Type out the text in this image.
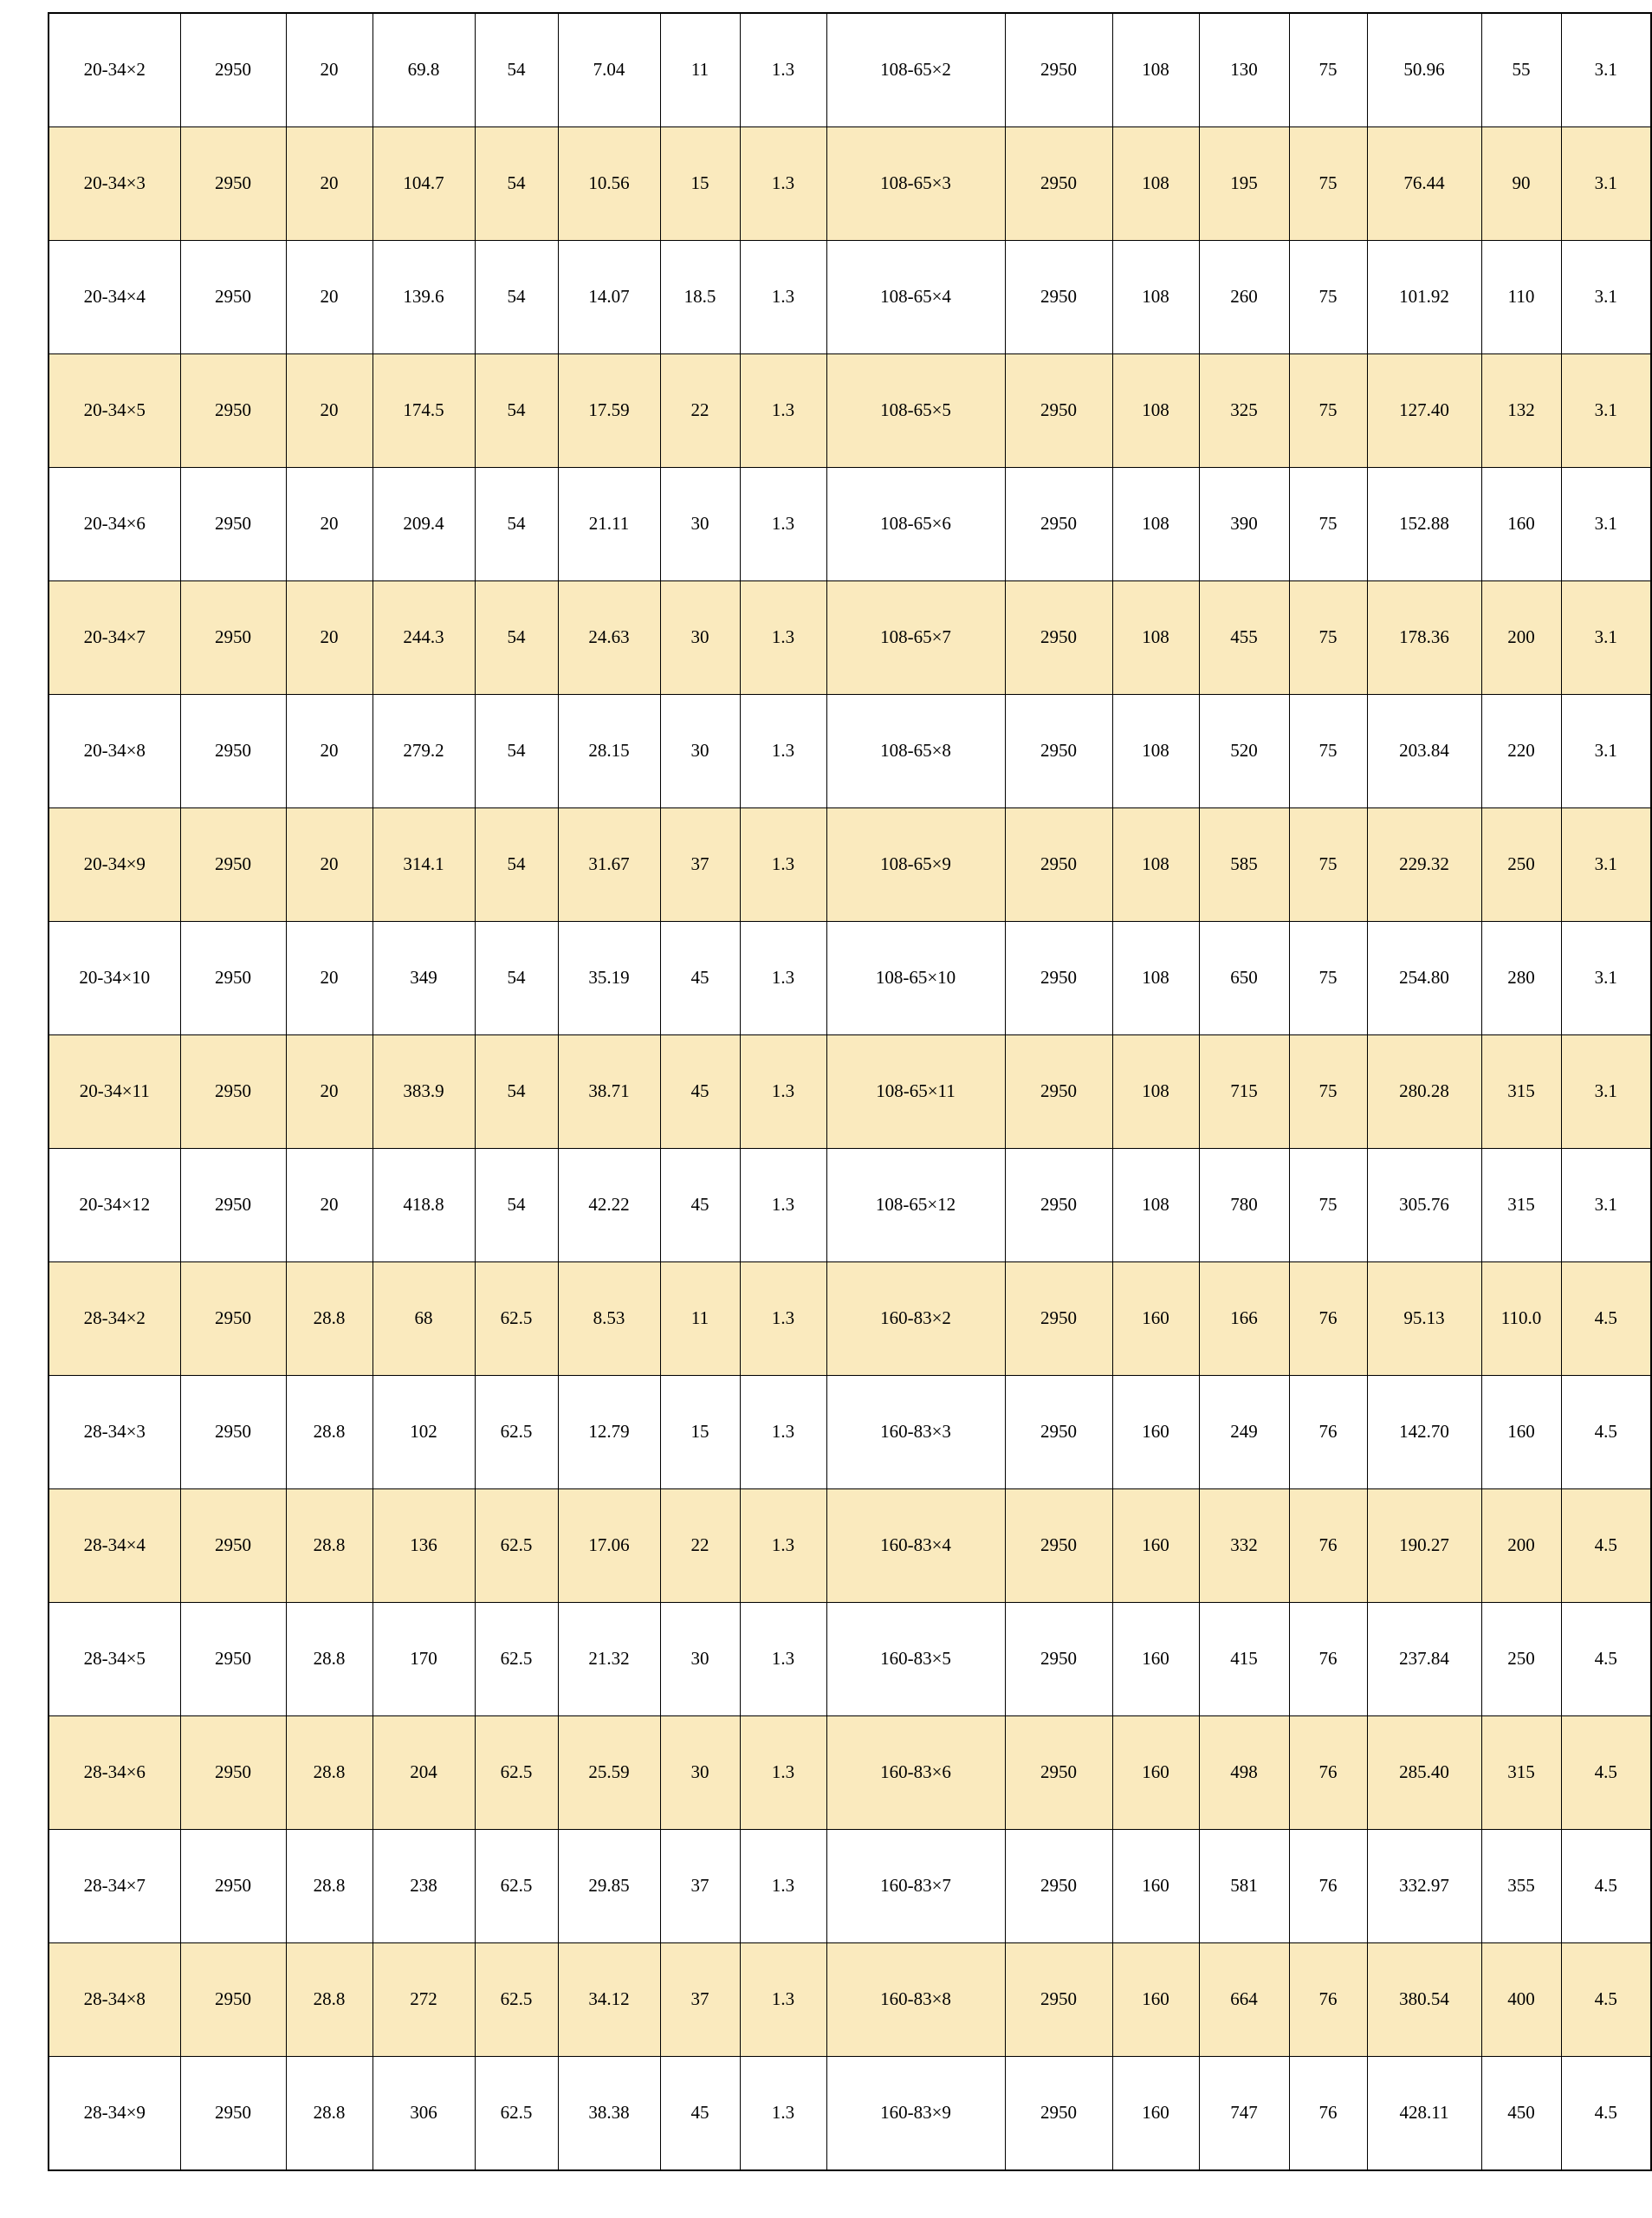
20-34×2	2950	20	69.8	54	7.04	11	1.3	108-65×2	2950	108	130	75	50.96	55	3.1
20-34×3	2950	20	104.7	54	10.56	15	1.3	108-65×3	2950	108	195	75	76.44	90	3.1
20-34×4	2950	20	139.6	54	14.07	18.5	1.3	108-65×4	2950	108	260	75	101.92	110	3.1
20-34×5	2950	20	174.5	54	17.59	22	1.3	108-65×5	2950	108	325	75	127.40	132	3.1
20-34×6	2950	20	209.4	54	21.11	30	1.3	108-65×6	2950	108	390	75	152.88	160	3.1
20-34×7	2950	20	244.3	54	24.63	30	1.3	108-65×7	2950	108	455	75	178.36	200	3.1
20-34×8	2950	20	279.2	54	28.15	30	1.3	108-65×8	2950	108	520	75	203.84	220	3.1
20-34×9	2950	20	314.1	54	31.67	37	1.3	108-65×9	2950	108	585	75	229.32	250	3.1
20-34×10	2950	20	349	54	35.19	45	1.3	108-65×10	2950	108	650	75	254.80	280	3.1
20-34×11	2950	20	383.9	54	38.71	45	1.3	108-65×11	2950	108	715	75	280.28	315	3.1
20-34×12	2950	20	418.8	54	42.22	45	1.3	108-65×12	2950	108	780	75	305.76	315	3.1
28-34×2	2950	28.8	68	62.5	8.53	11	1.3	160-83×2	2950	160	166	76	95.13	110.0	4.5
28-34×3	2950	28.8	102	62.5	12.79	15	1.3	160-83×3	2950	160	249	76	142.70	160	4.5
28-34×4	2950	28.8	136	62.5	17.06	22	1.3	160-83×4	2950	160	332	76	190.27	200	4.5
28-34×5	2950	28.8	170	62.5	21.32	30	1.3	160-83×5	2950	160	415	76	237.84	250	4.5
28-34×6	2950	28.8	204	62.5	25.59	30	1.3	160-83×6	2950	160	498	76	285.40	315	4.5
28-34×7	2950	28.8	238	62.5	29.85	37	1.3	160-83×7	2950	160	581	76	332.97	355	4.5
28-34×8	2950	28.8	272	62.5	34.12	37	1.3	160-83×8	2950	160	664	76	380.54	400	4.5
28-34×9	2950	28.8	306	62.5	38.38	45	1.3	160-83×9	2950	160	747	76	428.11	450	4.5
